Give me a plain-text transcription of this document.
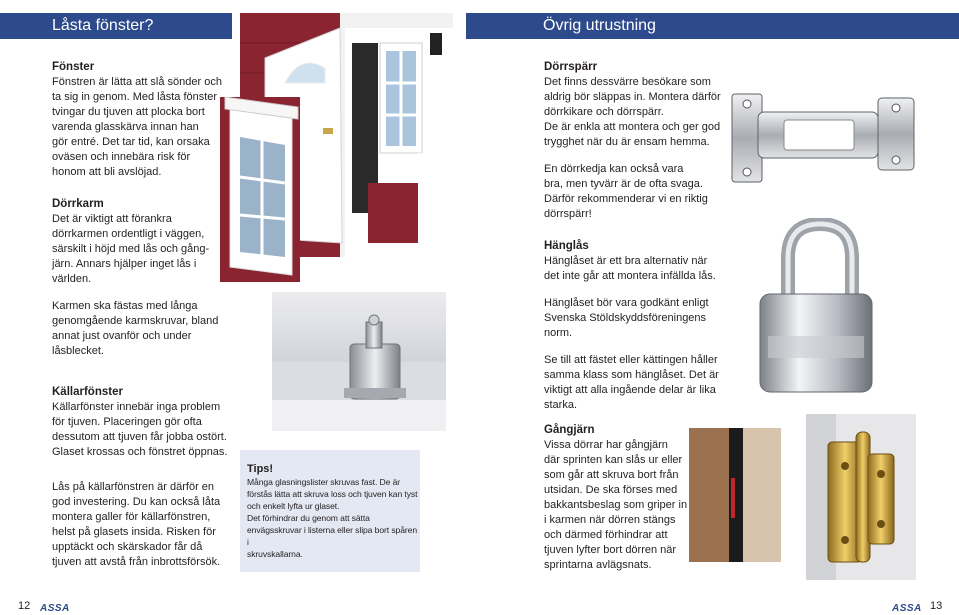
Låsta fönster?	Övrig utrustning
Fönster

Fönstren är lätta att slå sönder och

ta sig in genom. Med låsta fönster

tvingar du tjuven att plocka bort

varenda glasskärva innan han

gör entré. Det tar tid, kan orsaka

oväsen och innebära risk för

honom att bli avslöjad.

Dörrkarm

Det är viktigt att förankra

dörrkarmen ordentligt i väggen,

särskilt i höjd med lås och gång-

järn. Annars hjälper inget lås i

världen.

Karmen ska fästas med långa

genomgående karmskruvar, bland

annat just ovanför och under

låsblecket.

Källarfönster

Källarfönster innebär inga problem

för tjuven. Placeringen gör ofta

dessutom att tjuven får jobba ostört.

Glaset krossas och fönstret öppnas.

Lås på källarfönstren är därför en

god investering. Du kan också låta

montera galler för källarfönstren,

helst på glasets insida. Risken för

upptäckt och skärskador får då

tjuven att avstå från inbrottsförsök.

Tips!

Många glasningslister skruvas fast. De är

förstås lätta att skruva loss och tjuven kan tyst

och enkelt lyfta ur glaset.

Det förhindrar du genom att sätta

envägsskruvar i listerna eller slipa bort spåren i

skruvskallarna.

Dörrspärr

Det finns dessvärre besökare som

aldrig bör släppas in. Montera därför

dörrkikare och dörrspärr.

De är enkla att montera och ger god

trygghet när du är ensam hemma.

En dörrkedja kan också vara

bra, men tyvärr är de ofta svaga.

Därför rekommenderar vi en riktig

dörrspärr!

Hänglås

Hänglåset är ett bra alternativ när

det inte går att montera infällda lås.

Hänglåset bör vara godkänt enligt

Svenska Stöldskyddsföreningens

norm.

Se till att fästet eller kättingen håller

samma klass som hänglåset. Det är

viktigt att alla ingående delar är lika

starka.

Gångjärn

Vissa dörrar har gångjärn

där sprinten kan slås ur eller

som går att skruva bort från

utsidan. De ska förses med

bakkantsbeslag som griper in

i karmen när dörren stängs

och därmed förhindrar att

tjuven lyfter bort dörren när

sprintarna avlägsnats.

12 ASSA	ASSA 13
